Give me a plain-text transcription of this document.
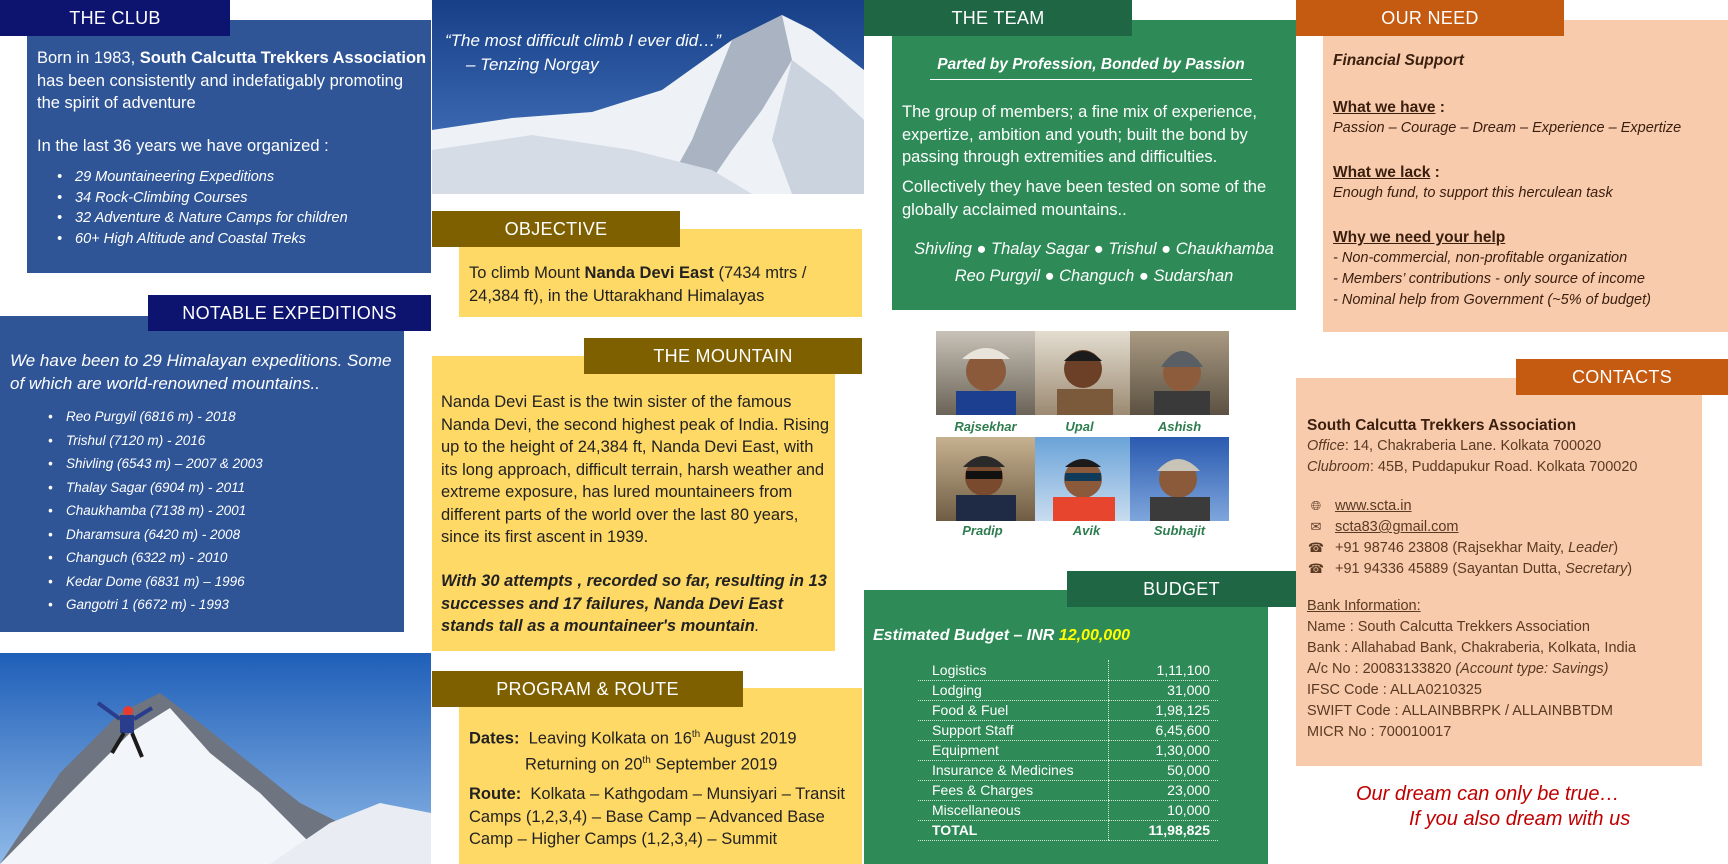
THE CLUB
Born in 1983, South Calcutta Trekkers Association has been consistently and indefatigably promoting the spirit of adventure
In the last 36 years we have organized :
• 29 Mountaineering Expeditions
• 34 Rock-Climbing Courses
• 32 Adventure & Nature Camps for children
• 60+ High Altitude and Coastal Treks
NOTABLE EXPEDITIONS
We have been to 29 Himalayan expeditions. Some of which are world-renowned mountains..
• Reo Purgyil (6816 m) - 2018
• Trishul (7120 m) - 2016
• Shivling (6543 m) – 2007 & 2003
• Thalay Sagar (6904 m) - 2011
• Chaukhamba (7138 m) - 2001
• Dharamsura (6420 m) - 2008
• Changuch (6322 m) - 2010
• Kedar Dome (6831 m) – 1996
• Gangotri 1 (6672 m) - 1993
“The most difficult climb I ever did…”
– Tenzing Norgay
OBJECTIVE
To climb Mount Nanda Devi East (7434 mtrs / 24,384 ft), in the Uttarakhand Himalayas
THE MOUNTAIN
Nanda Devi East is the twin sister of the famous Nanda Devi, the second highest peak of India. Rising up to the height of 24,384 ft, Nanda Devi East, with its long approach, difficult terrain, harsh weather and extreme exposure, has lured mountaineers from different parts of the world over the last 80 years, since its first ascent in 1939.
With 30 attempts , recorded so far, resulting in 13 successes and 17 failures, Nanda Devi East stands tall as a mountaineer's mountain.
PROGRAM & ROUTE
Dates: Leaving Kolkata on 16th August 2019
Returning on 20th September 2019
Route: Kolkata – Kathgodam – Munsiyari – Transit Camps (1,2,3,4) – Base Camp – Advanced Base Camp – Higher Camps (1,2,3,4) – Summit
THE TEAM
Parted by Profession, Bonded by Passion
The group of members; a fine mix of experience, expertize, ambition and youth; built the bond by passing through extremities and difficulties.
Collectively they have been tested on some of the globally acclaimed mountains..
Shivling ● Thalay Sagar ● Trishul ● Chaukhamba
Reo Purgyil ● Changuch ● Sudarshan
Rajsekhar	Upal	Ashish
Pradip	Avik	Subhajit
BUDGET
Estimated Budget – INR 12,00,000
Logistics	1,11,100
Lodging	31,000
Food & Fuel	1,98,125
Support Staff	6,45,600
Equipment	1,30,000
Insurance & Medicines	50,000
Fees & Charges	23,000
Miscellaneous	10,000
TOTAL	11,98,825
OUR NEED
Financial Support
What we have :
Passion – Courage – Dream – Experience – Expertize
What we lack :
Enough fund, to support this herculean task
Why we need your help
- Non-commercial, non-profitable organization
- Members’ contributions - only source of income
- Nominal help from Government (~5% of budget)
CONTACTS
South Calcutta Trekkers Association
Office: 14, Chakraberia Lane. Kolkata 700020
Clubroom: 45B, Puddapukur Road. Kolkata 700020
🌐︎ www.scta.in
✉︎ scta83@gmail.com
☎︎ +91 98746 23808 (Rajsekhar Maity, Leader)
☎︎ +91 94336 45889 (Sayantan Dutta, Secretary)
Bank Information:
Name : South Calcutta Trekkers Association
Bank : Allahabad Bank, Chakraberia, Kolkata, India
A/c No : 20083133820 (Account type: Savings)
IFSC Code : ALLA0210325
SWIFT Code : ALLAINBBRPK / ALLAINBBTDM
MICR No : 700010017
Our dream can only be true…
If you also dream with us
